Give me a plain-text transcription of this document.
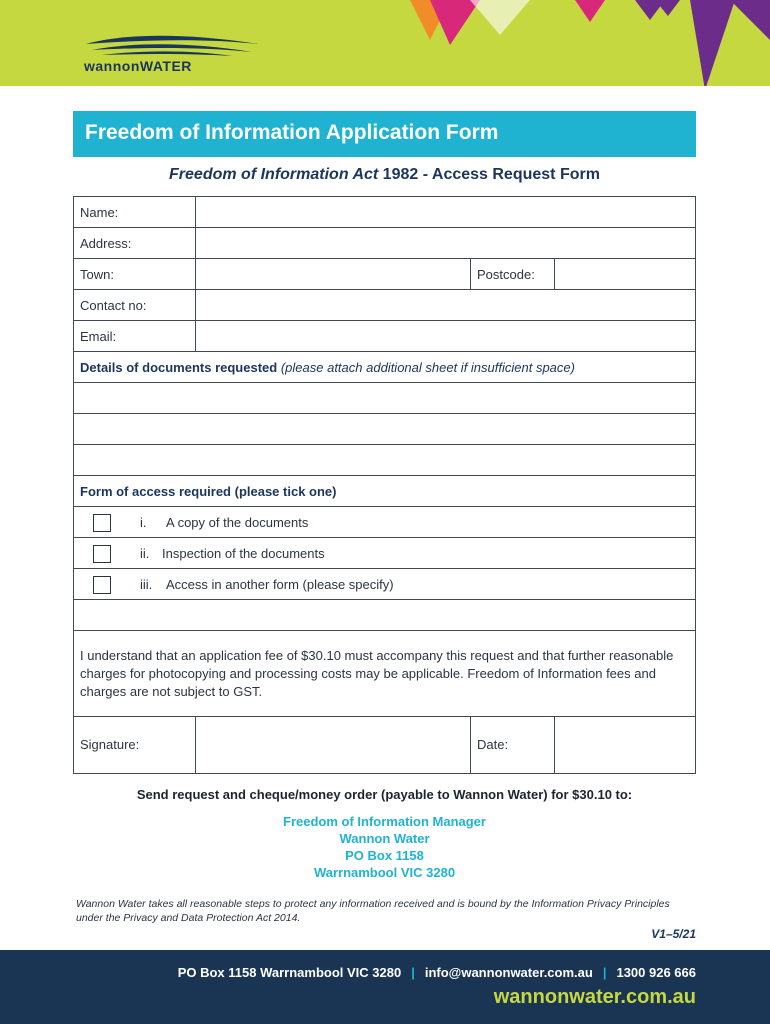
wannonWATER
Freedom of Information Application Form
Freedom of Information Act 1982 - Access Request Form
Name:
Address:
Town:	Postcode:
Contact no:
Email:
Details of documents requested (please attach additional sheet if insufficient space)
Form of access required (please tick one)
i. A copy of the documents
ii. Inspection of the documents
iii. Access in another form (please specify)
I understand that an application fee of $30.10 must accompany this request and that further reasonable charges for photocopying and processing costs may be applicable. Freedom of Information fees and charges are not subject to GST.
Signature:	Date:
Send request and cheque/money order (payable to Wannon Water) for $30.10 to:
Freedom of Information Manager
Wannon Water
PO Box 1158
Warrnambool VIC 3280
Wannon Water takes all reasonable steps to protect any information received and is bound by the Information Privacy Principles under the Privacy and Data Protection Act 2014.
V1–5/21
PO Box 1158 Warrnambool VIC 3280 | info@wannonwater.com.au | 1300 926 666
wannonwater.com.au
